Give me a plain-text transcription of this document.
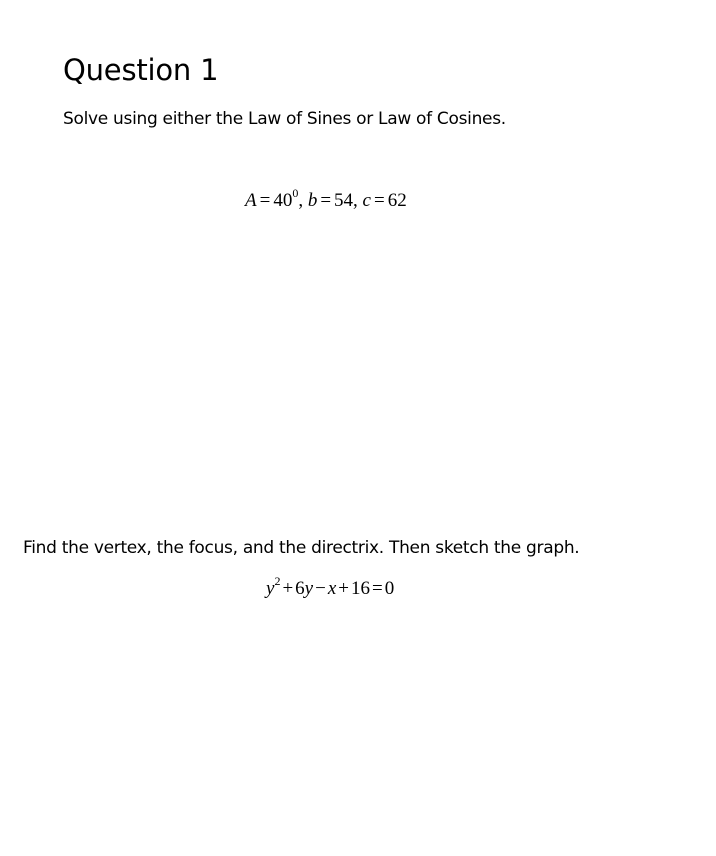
Question 1

Solve using either the Law of Sines or Law of Cosines.

$A = 40^0$, b = 54, c = 62

Find the vertex, the focus, and the directrix. Then sketch the graph.

$y^2 + 6y - x + 16 = 0$
